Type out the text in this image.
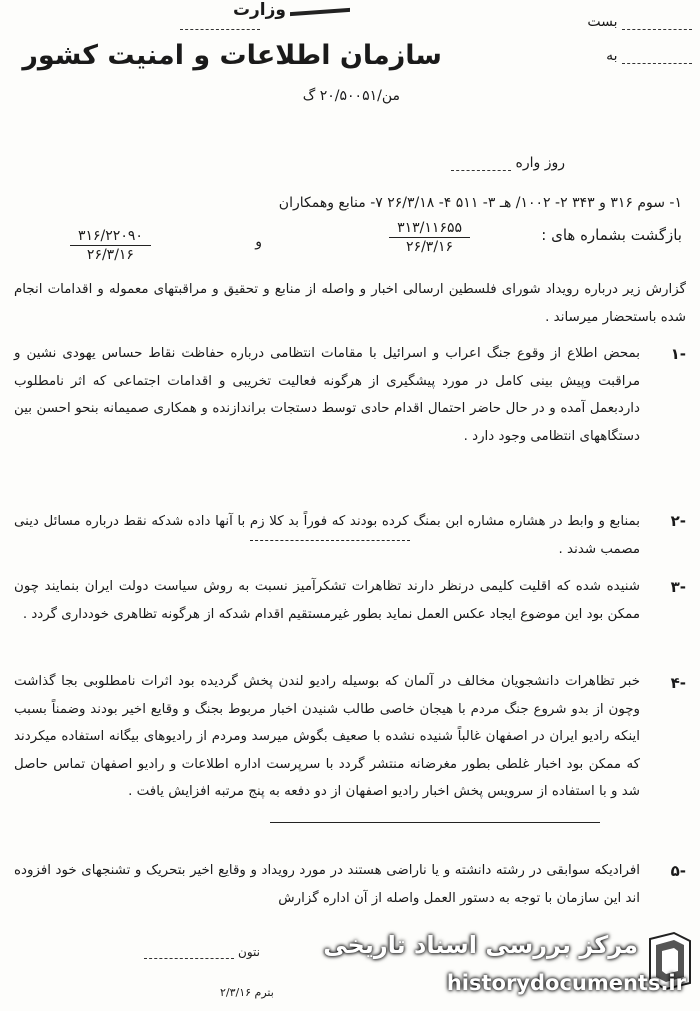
بست
به
وزارت
سازمان اطلاعات و امنیت کشور
من/۲۰/۵۰۰۵۱ گ
روز واره
۱- سوم ۳۱۶ و ۳۴۳ ۲- ۱۰۰۲/ هـ ۳- ۵۱۱ ۴- ۲۶/۳/۱۸ ۷- منابع وهمکاران
بازگشت بشماره های :
۳۱۳/۱۱۶۵۵
۲۶/۳/۱۶
و
۳۱۶/۲۲۰۹۰
۲۶/۳/۱۶
گزارش زیر درباره رویداد شورای فلسطین ارسالی اخبار و واصله از منابع و تحقیق و مراقبتهای معموله و اقدامات انجام شده باستحضار میرساند .
۱-
بمحض اطلاع از وقوع جنگ اعراب و اسرائیل با مقامات انتظامی درباره حفاظت نقاط حساس یهودی نشین و مراقبت وپیش بینی کامل در مورد پیشگیری از هرگونه فعالیت تخریبی و اقدامات اجتماعی که اثر نامطلوب داردبعمل آمده و در حال حاضر احتمال اقدام حادی توسط دستجات براندازنده و همکاری صمیمانه بنحو احسن بین دستگاههای انتظامی وجود دارد .
۲-
بمنابع و وابط در هشاره مشاره ابن بمنگ کرده بودند که فوراً بد کلا زم با آنها داده شدکه نقط درباره مسائل دینی مصمب شدند .
۳-
شنیده شده که اقلیت کلیمی درنظر دارند تظاهرات تشکرآمیز نسبت به روش سیاست دولت ایران بنمایند چون ممکن بود این موضوع ایجاد عکس العمل نماید بطور غیرمستقیم اقدام شدکه از هرگونه تظاهری خودداری گردد .
۴-
خبر تظاهرات دانشجویان مخالف در آلمان که بوسیله رادیو لندن پخش گردیده بود اثرات نامطلوبی بجا گذاشت وچون از بدو شروع جنگ مردم با هیجان خاصی طالب شنیدن اخبار مربوط بجنگ و وقایع اخیر بودند وضمناً بسبب اینکه رادیو ایران در اصفهان غالباً شنیده نشده با صعیف بگوش میرسد ومردم از رادیوهای بیگانه استفاده میکردند که ممکن بود اخبار غلطی بطور مغرضانه منتشر گردد با سرپرست اداره اطلاعات و رادیو اصفهان تماس حاصل شد و با استفاده از سرویس پخش اخبار رادیو اصفهان از دو دفعه به پنج مرتبه افزایش یافت .
۵-
افرادیکه سوابقی در رشته دانشته و یا ناراضی هستند در مورد رویداد و وقایع اخیر بتحریک و تشنجهای خود افزوده اند این سازمان با توجه به دستور العمل واصله از آن اداره گزارش
نتون
۲/۳/۱۶ بترم
مرکز بررسی اسناد تاریخی
historydocuments.ir
